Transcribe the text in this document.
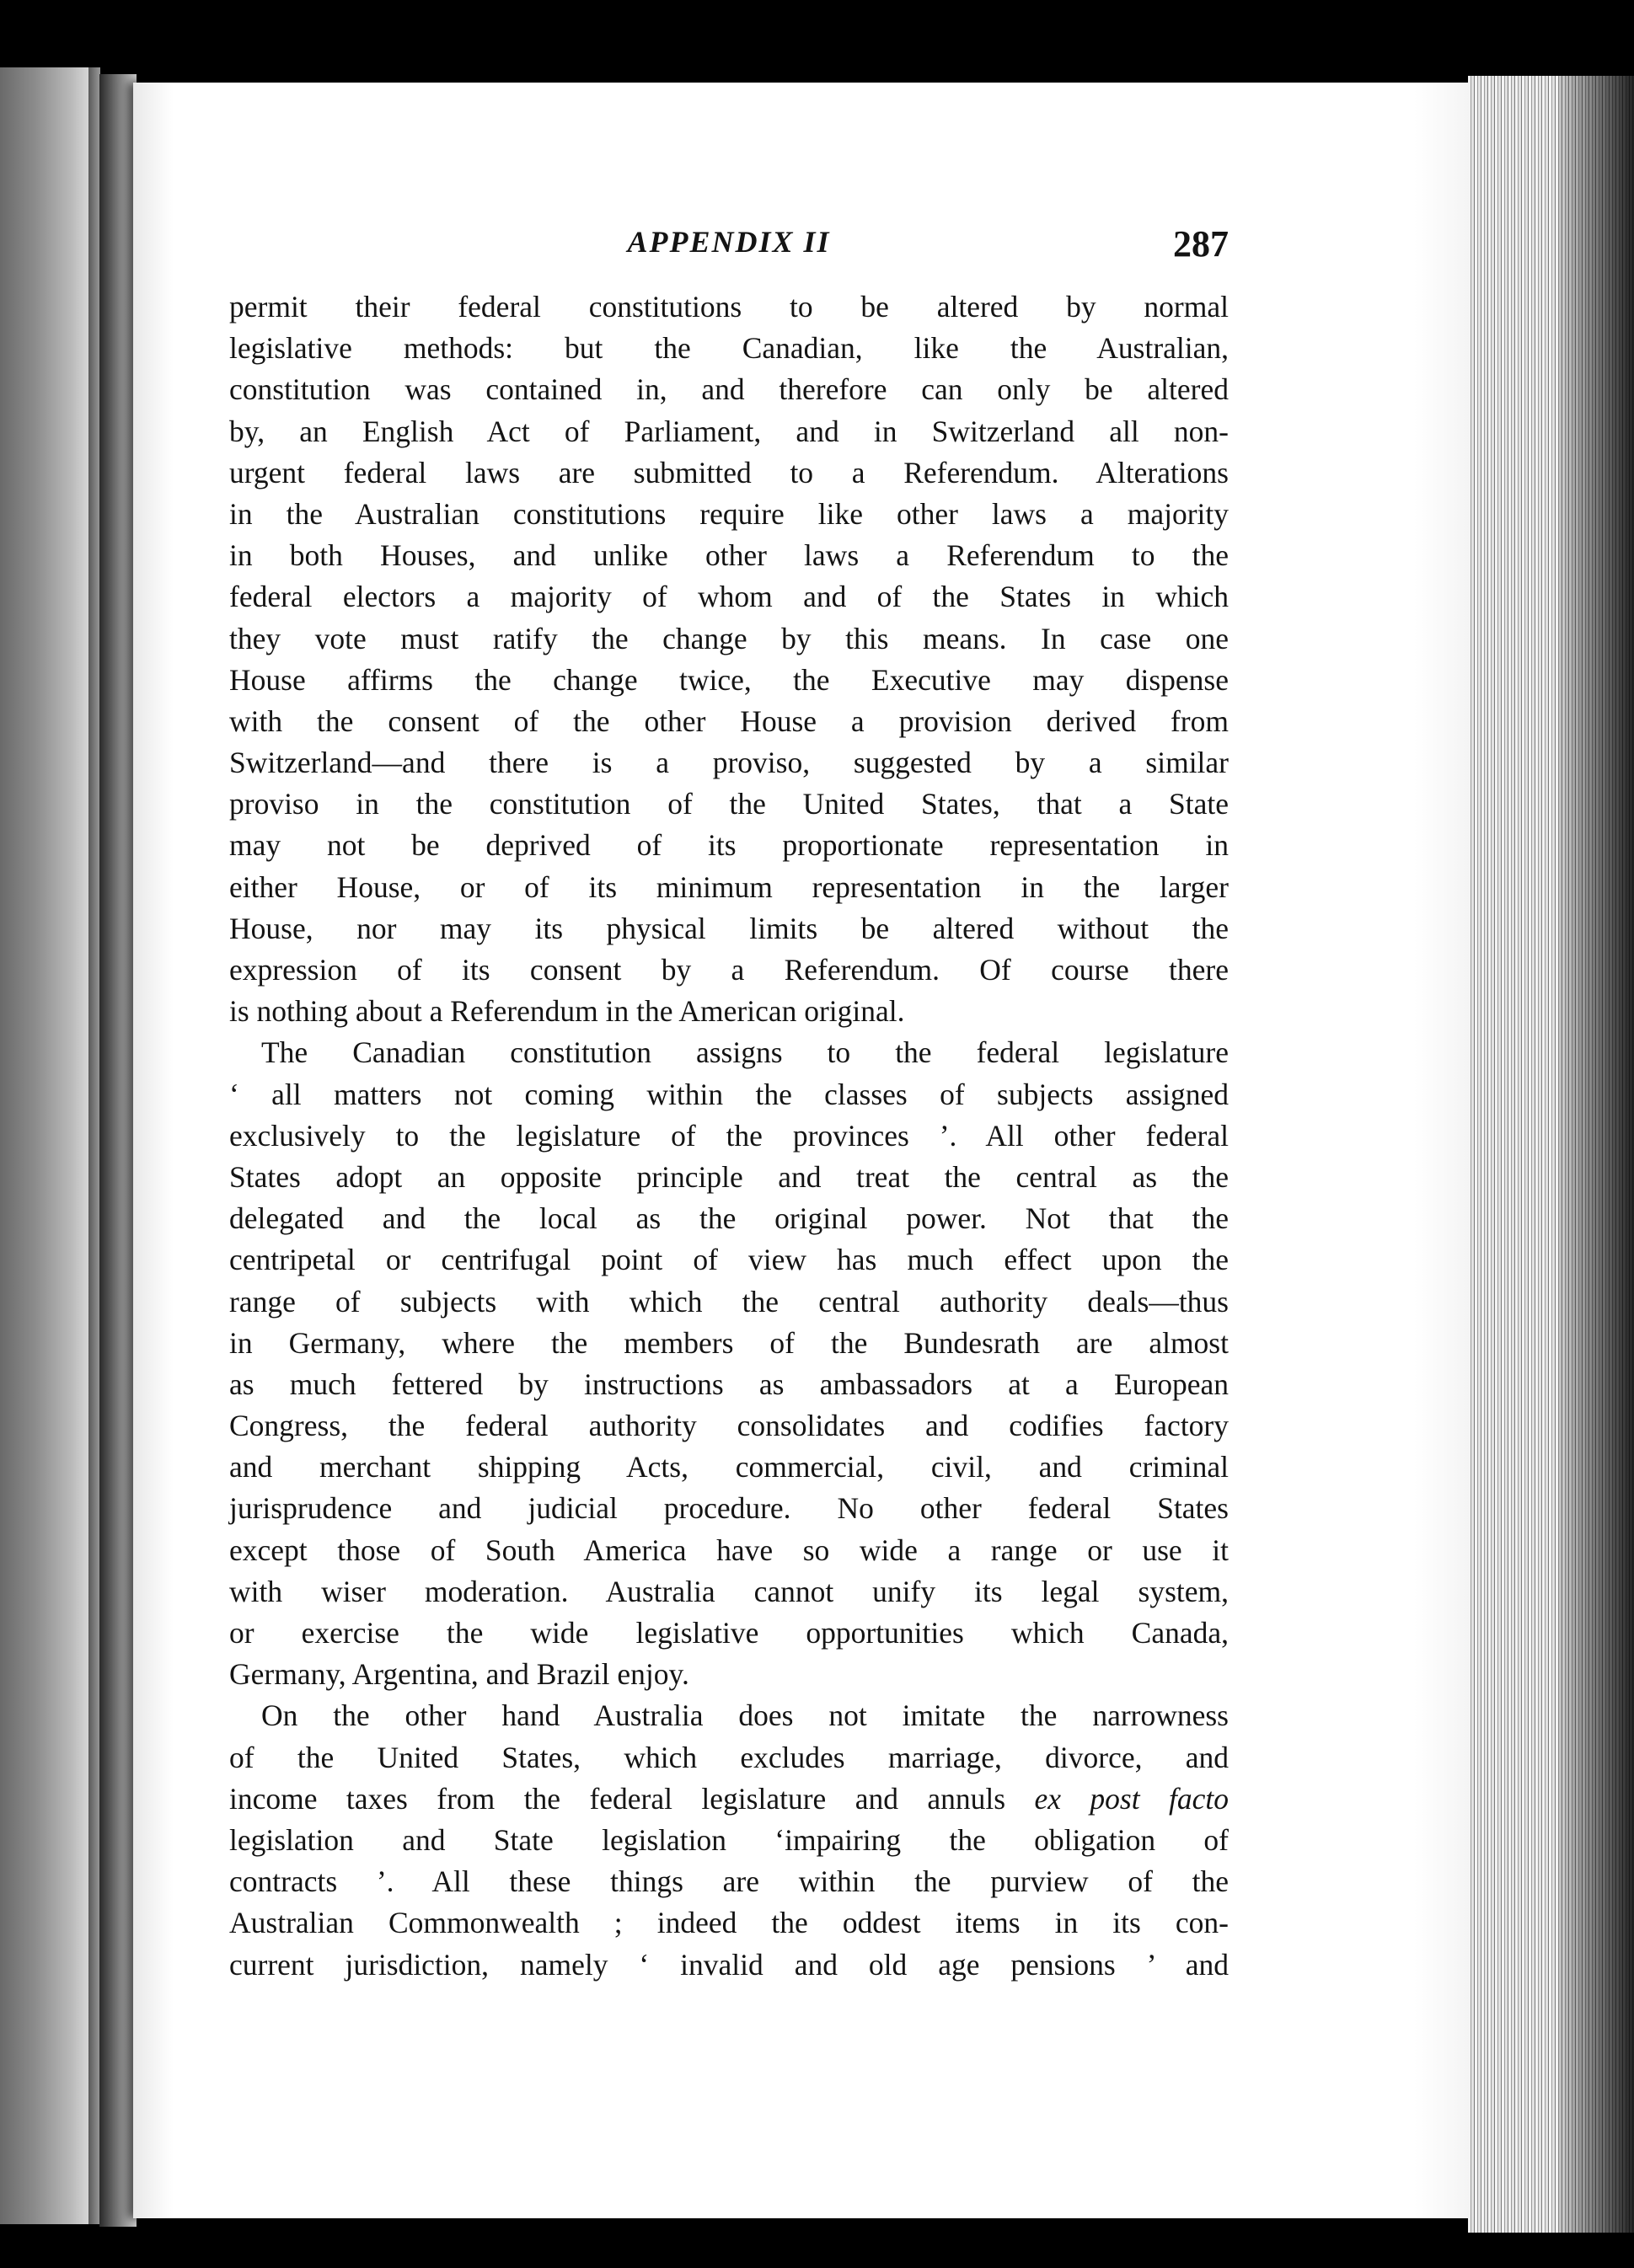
APPENDIX II	287
permit their federal constitutions to be altered by normal
legislative methods: but the Canadian, like the Australian,
constitution was contained in, and therefore can only be altered
by, an English Act of Parliament, and in Switzerland all non-
urgent federal laws are submitted to a Referendum. Alterations
in the Australian constitutions require like other laws a majority
in both Houses, and unlike other laws a Referendum to the
federal electors a majority of whom and of the States in which
they vote must ratify the change by this means. In case one
House affirms the change twice, the Executive may dispense
with the consent of the other House a provision derived from
Switzerland—and there is a proviso, suggested by a similar
proviso in the constitution of the United States, that a State
may not be deprived of its proportionate representation in
either House, or of its minimum representation in the larger
House, nor may its physical limits be altered without the
expression of its consent by a Referendum. Of course there
is nothing about a Referendum in the American original.
The Canadian constitution assigns to the federal legislature
‘ all matters not coming within the classes of subjects assigned
exclusively to the legislature of the provinces ’. All other federal
States adopt an opposite principle and treat the central as the
delegated and the local as the original power. Not that the
centripetal or centrifugal point of view has much effect upon the
range of subjects with which the central authority deals—thus
in Germany, where the members of the Bundesrath are almost
as much fettered by instructions as ambassadors at a European
Congress, the federal authority consolidates and codifies factory
and merchant shipping Acts, commercial, civil, and criminal
jurisprudence and judicial procedure. No other federal States
except those of South America have so wide a range or use it
with wiser moderation. Australia cannot unify its legal system,
or exercise the wide legislative opportunities which Canada,
Germany, Argentina, and Brazil enjoy.
On the other hand Australia does not imitate the narrowness
of the United States, which excludes marriage, divorce, and
income taxes from the federal legislature and annuls ex post facto
legislation and State legislation ‘impairing the obligation of
contracts ’. All these things are within the purview of the
Australian Commonwealth ; indeed the oddest items in its con-
current jurisdiction, namely ‘ invalid and old age pensions ’ and
